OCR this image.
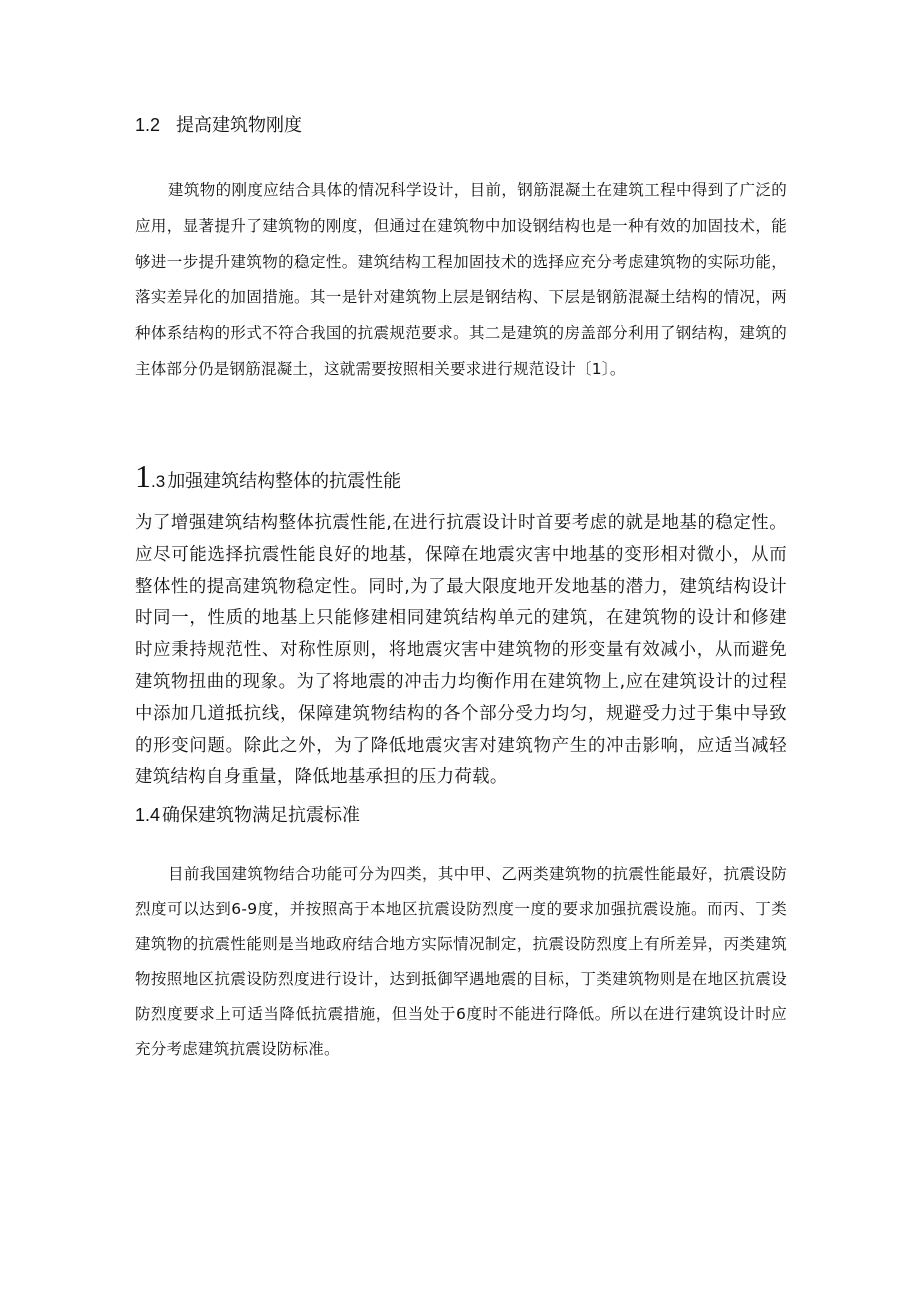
1.2 提高建筑物刚度

建筑物的刚度应结合具体的情况科学设计，目前，钢筋混凝土在建筑工程中得到了广泛的应用，显著提升了建筑物的刚度，但通过在建筑物中加设钢结构也是一种有效的加固技术，能够进一步提升建筑物的稳定性。建筑结构工程加固技术的选择应充分考虑建筑物的实际功能，落实差异化的加固措施。其一是针对建筑物上层是钢结构、下层是钢筋混凝土结构的情况，两种体系结构的形式不符合我国的抗震规范要求。其二是建筑的房盖部分利用了钢结构，建筑的主体部分仍是钢筋混凝土，这就需要按照相关要求进行规范设计〔1〕。

1.3 加强建筑结构整体的抗震性能

为了增强建筑结构整体抗震性能,在进行抗震设计时首要考虑的就是地基的稳定性。应尽可能选择抗震性能良好的地基，保障在地震灾害中地基的变形相对微小，从而整体性的提高建筑物稳定性。同时,为了最大限度地开发地基的潜力，建筑结构设计时同一，性质的地基上只能修建相同建筑结构单元的建筑，在建筑物的设计和修建时应秉持规范性、对称性原则，将地震灾害中建筑物的形变量有效减小，从而避免建筑物扭曲的现象。为了将地震的冲击力均衡作用在建筑物上,应在建筑设计的过程中添加几道抵抗线，保障建筑物结构的各个部分受力均匀，规避受力过于集中导致的形变问题。除此之外，为了降低地震灾害对建筑物产生的冲击影响，应适当减轻建筑结构自身重量，降低地基承担的压力荷载。

1.4 确保建筑物满足抗震标准

目前我国建筑物结合功能可分为四类，其中甲、乙两类建筑物的抗震性能最好，抗震设防烈度可以达到6-9度，并按照高于本地区抗震设防烈度一度的要求加强抗震设施。而丙、丁类建筑物的抗震性能则是当地政府结合地方实际情况制定，抗震设防烈度上有所差异，丙类建筑物按照地区抗震设防烈度进行设计，达到抵御罕遇地震的目标，丁类建筑物则是在地区抗震设防烈度要求上可适当降低抗震措施，但当处于6度时不能进行降低。所以在进行建筑设计时应充分考虑建筑抗震设防标准。
